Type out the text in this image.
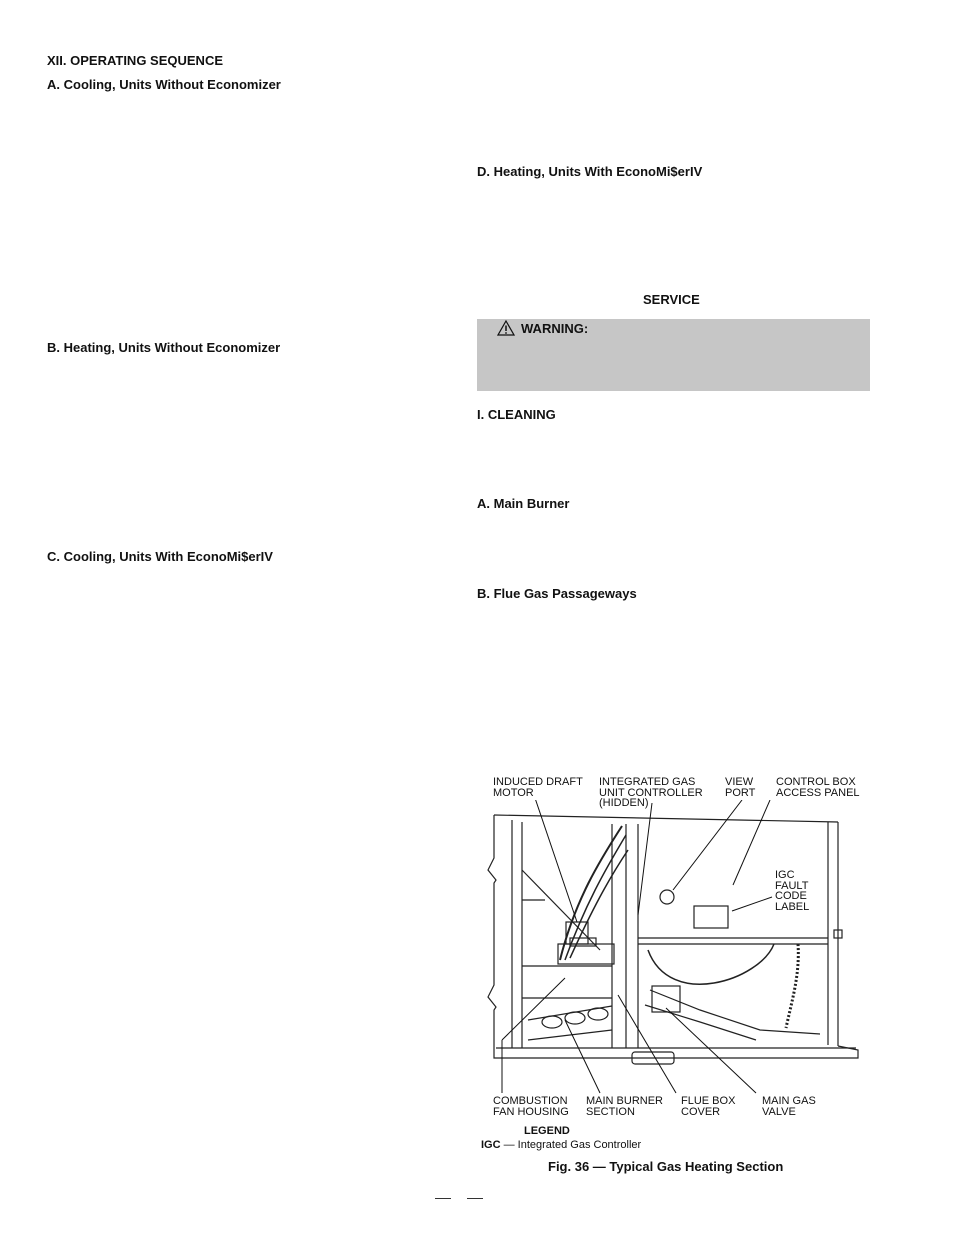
XII. OPERATING SEQUENCE
A. Cooling, Units Without Economizer
B. Heating, Units Without Economizer
C. Cooling, Units With EconoMi$erIV
D. Heating, Units With EconoMi$erIV
SERVICE
WARNING:
I. CLEANING
A. Main Burner
B. Flue Gas Passageways
INDUCED DRAFT
MOTOR
INTEGRATED GAS
UNIT CONTROLLER
(HIDDEN)
VIEW
PORT
CONTROL BOX
ACCESS PANEL
IGC
FAULT
CODE
LABEL
COMBUSTION
FAN HOUSING
MAIN BURNER
SECTION
FLUE BOX
COVER
MAIN GAS
VALVE
LEGEND
IGC — Integrated Gas Controller
Fig. 36 — Typical Gas Heating Section
